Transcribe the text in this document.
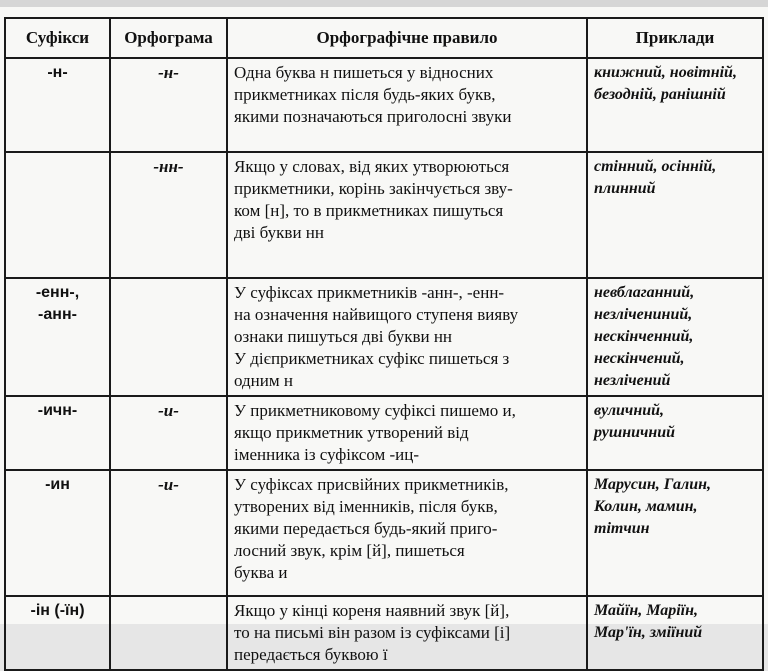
Суфікси	Орфограма	Орфографічне правило	Приклади

-н-	-н-	Одна буква н пишеться у відносних
прикметниках після будь-яких букв,
якими позначаються приголосні звуки	книжний, новітній,
безодній, ранішній

	-нн-	Якщо у словах, від яких утворюються
прикметники, корінь закінчується зву-
ком [н], то в прикметниках пишуться
дві букви нн	стінний, осінній,
плинний

-енн-,
-анн-		У суфіксах прикметників -анн-, -енн-
на означення найвищого ступеня вияву
ознаки пишуться дві букви нн
У дієприкметниках суфікс пишеться з
одним н	невблаганний,
незлічениний,
нескінченний,
нескінчений,
незлічений

-ичн-	-и-	У прикметниковому суфіксі пишемо и,
якщо прикметник утворений від
іменника із суфіксом -иц-	вуличний,
рушничний

-ин	-и-	У суфіксах присвійних прикметників,
утворених від іменників, після букв,
якими передається будь-який приго-
лосний звук, крім [й], пишеться
буква и	Марусин, Галин,
Колин, мамин,
тітчин

-ін (-їн)		Якщо у кінці кореня наявний звук [й],
то на письмі він разом із суфіксами [і]
передається буквою ї	Майїн, Маріїн,
Мар'їн, зміїний
